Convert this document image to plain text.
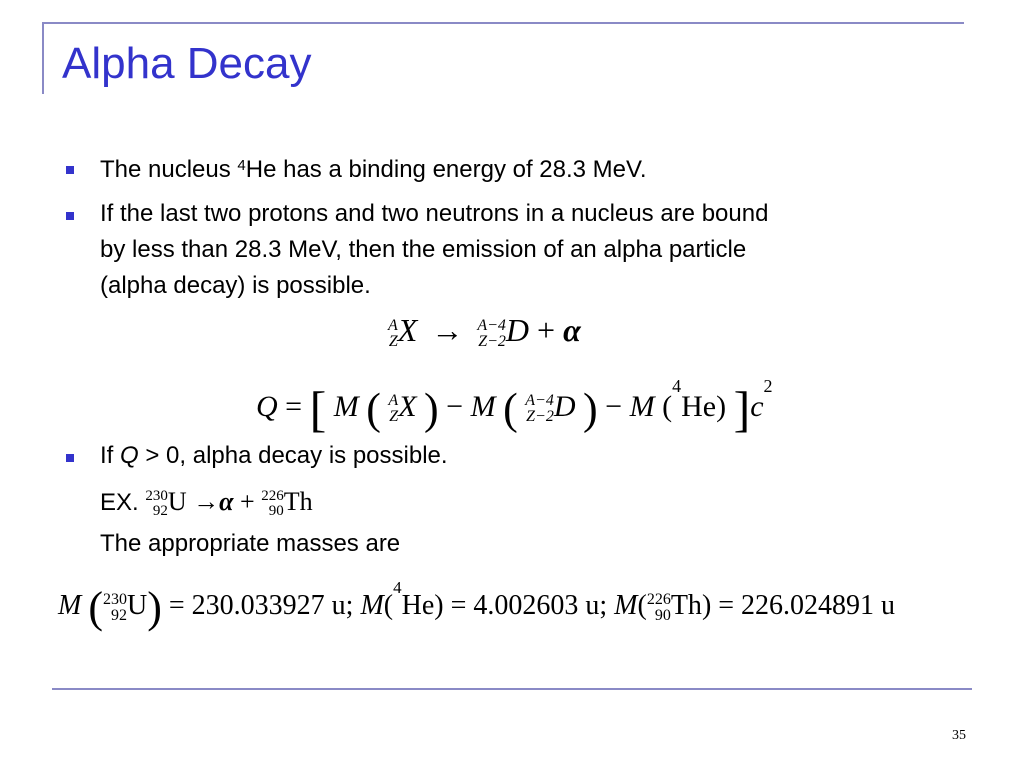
Alpha Decay

The nucleus $^4$He has a binding energy of 28.3 MeV.

If the last two protons and two neutrons in a nucleus are bound
by less than 28.3 MeV, then the emission of an alpha particle
(alpha decay) is possible.
A
Z X → A−4
Z−2 D + α
Q = [ M ( A
Z X ) − M ( A−4
Z−2 D ) − M ($^4$He) ]$c^2$

If Q > 0, alpha decay is possible.

EX. 230
92 U →α + 226
90 Th

The appropriate masses are

M ( 230
92 U) = 230.033927 u; M($^4$He) = 4.002603 u; M( 226
90 Th) = 226.024891 u
35
